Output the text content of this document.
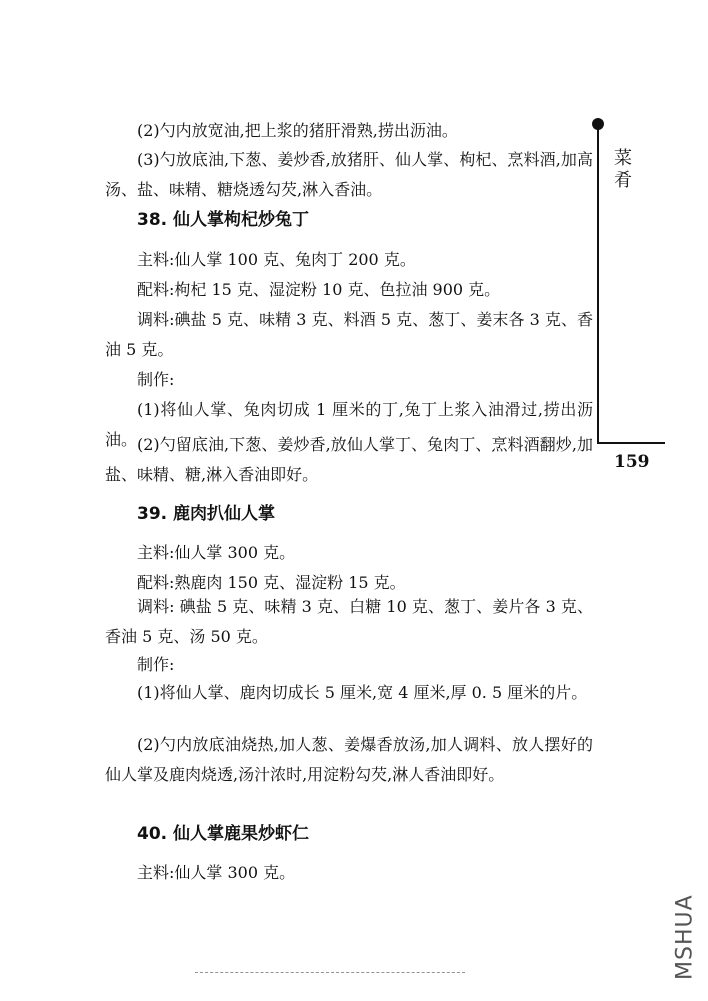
(2)勺内放宽油,把上浆的猪肝滑熟,捞出沥油。

(3)勺放底油,下葱、姜炒香,放猪肝、仙人掌、枸杞、烹料酒,加高汤、盐、味精、糖烧透勾芡,淋入香油。

38. 仙人掌枸杞炒兔丁

主料:仙人掌 100 克、兔肉丁 200 克。

配料:枸杞 15 克、湿淀粉 10 克、色拉油 900 克。

调料:碘盐 5 克、味精 3 克、料酒 5 克、葱丁、姜末各 3 克、香油 5 克。

制作:

(1)将仙人掌、兔肉切成 1 厘米的丁,兔丁上浆入油滑过,捞出沥油。 (2)勺留底油,下葱、姜炒香,放仙人掌丁、兔肉丁、烹料酒翻炒,加盐、味精、糖,淋入香油即好。

39. 鹿肉扒仙人掌

主料:仙人掌 300 克。

配料:熟鹿肉 150 克、湿淀粉 15 克。

调料: 碘盐 5 克、味精 3 克、白糖 10 克、葱丁、姜片各 3 克、香油 5 克、汤 50 克。

制作:

(1)将仙人掌、鹿肉切成长 5 厘米,宽 4 厘米,厚 0. 5 厘米的片。

(2)勺内放底油烧热,加人葱、姜爆香放汤,加人调料、放人摆好的仙人掌及鹿肉烧透,汤汁浓时,用淀粉勾芡,淋人香油即好。

40. 仙人掌鹿果炒虾仁

主料:仙人掌 300 克。

菜肴
159
MSHUA
